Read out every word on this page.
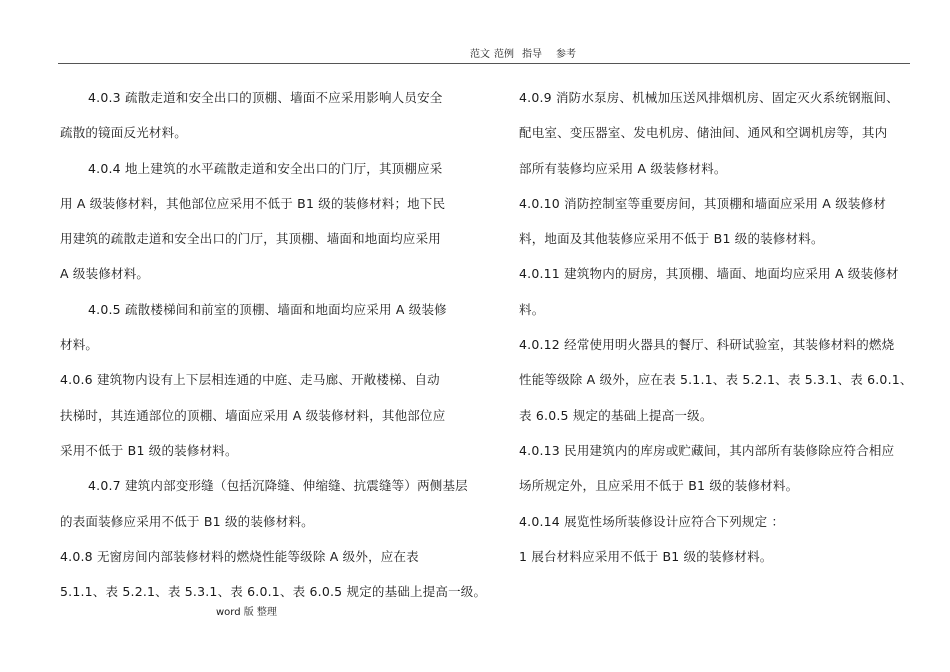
范文 范例 指导 参考
4.0.3 疏散走道和安全出口的顶棚、墙面不应采用影响人员安全
疏散的镜面反光材料。
4.0.4 地上建筑的水平疏散走道和安全出口的门厅，其顶棚应采
用 A 级装修材料，其他部位应采用不低于 B1 级的装修材料；地下民
用建筑的疏散走道和安全出口的门厅，其顶棚、墙面和地面均应采用
A 级装修材料。
4.0.5 疏散楼梯间和前室的顶棚、墙面和地面均应采用 A 级装修
材料。
4.0.6 建筑物内设有上下层相连通的中庭、走马廊、开敞楼梯、自动
扶梯时，其连通部位的顶棚、墙面应采用 A 级装修材料，其他部位应
采用不低于 B1 级的装修材料。
4.0.7 建筑内部变形缝（包括沉降缝、伸缩缝、抗震缝等）两侧基层
的表面装修应采用不低于 B1 级的装修材料。
4.0.8 无窗房间内部装修材料的燃烧性能等级除 A 级外，应在表
5.1.1、表 5.2.1、表 5.3.1、表 6.0.1、表 6.0.5 规定的基础上提高一级。
4.0.9 消防水泵房、机械加压送风排烟机房、固定灭火系统钢瓶间、
配电室、变压器室、发电机房、储油间、通风和空调机房等，其内
部所有装修均应采用 A 级装修材料。
4.0.10 消防控制室等重要房间，其顶棚和墙面应采用 A 级装修材
料，地面及其他装修应采用不低于 B1 级的装修材料。
4.0.11 建筑物内的厨房，其顶棚、墙面、地面均应采用 A 级装修材
料。
4.0.12 经常使用明火器具的餐厅、科研试验室，其装修材料的燃烧
性能等级除 A 级外，应在表 5.1.1、表 5.2.1、表 5.3.1、表 6.0.1、
表 6.0.5 规定的基础上提高一级。
4.0.13 民用建筑内的库房或贮藏间，其内部所有装修除应符合相应
场所规定外，且应采用不低于 B1 级的装修材料。
4.0.14 展览性场所装修设计应符合下列规定 ：
1 展台材料应采用不低于 B1 级的装修材料。
word 版 整理
